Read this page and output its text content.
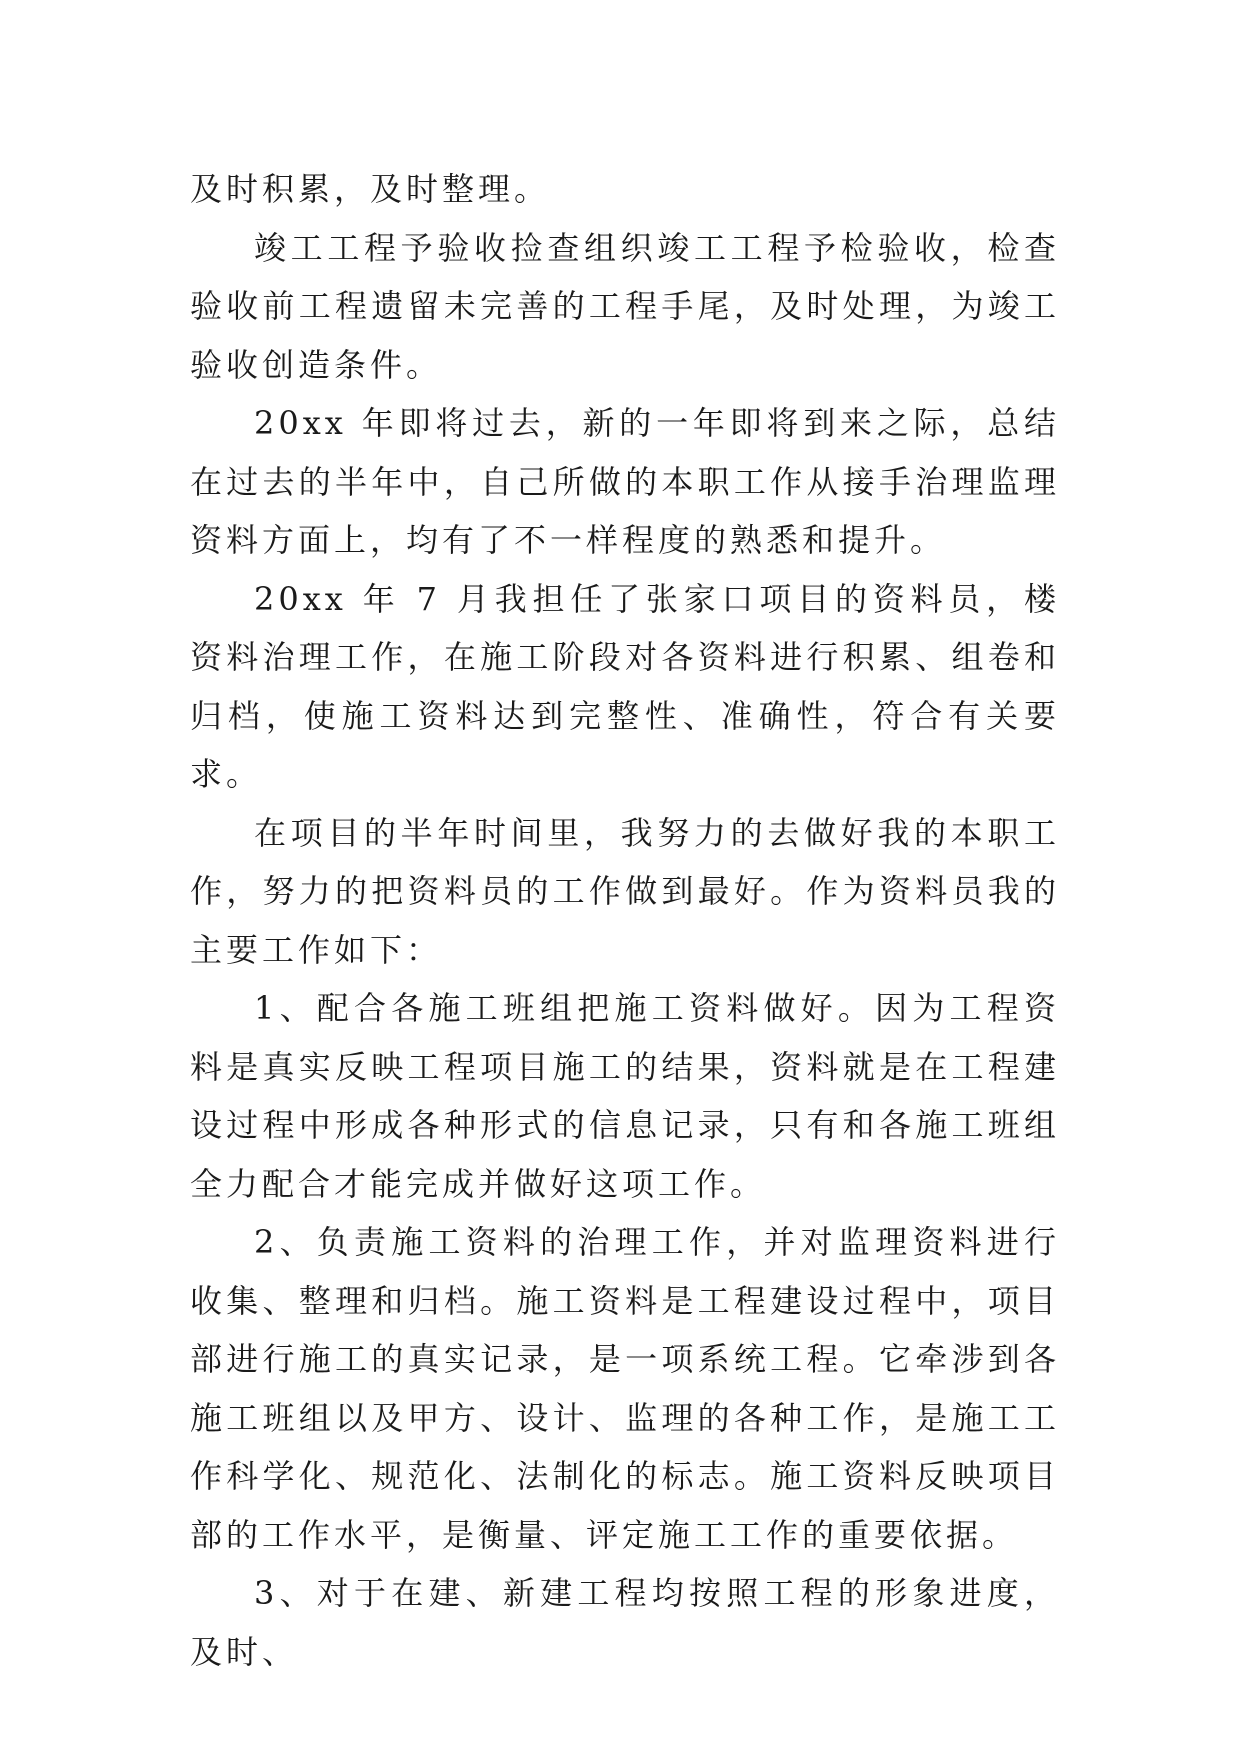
及时积累，及时整理。

竣工工程予验收捡查组织竣工工程予检验收，检查验收前工程遗留未完善的工程手尾，及时处理，为竣工验收创造条件。

20xx 年即将过去，新的一年即将到来之际，总结在过去的半年中，自己所做的本职工作从接手治理监理资料方面上，均有了不一样程度的熟悉和提升。

20xx 年 7 月我担任了张家口项目的资料员，楼资料治理工作，在施工阶段对各资料进行积累、组卷和归档，使施工资料达到完整性、准确性，符合有关要求。

在项目的半年时间里，我努力的去做好我的本职工作，努力的把资料员的工作做到最好。作为资料员我的主要工作如下：

1、配合各施工班组把施工资料做好。因为工程资料是真实反映工程项目施工的结果，资料就是在工程建设过程中形成各种形式的信息记录，只有和各施工班组全力配合才能完成并做好这项工作。

2、负责施工资料的治理工作，并对监理资料进行收集、整理和归档。施工资料是工程建设过程中，项目部进行施工的真实记录，是一项系统工程。它牵涉到各施工班组以及甲方、设计、监理的各种工作，是施工工作科学化、规范化、法制化的标志。施工资料反映项目部的工作水平，是衡量、评定施工工作的重要依据。

3、对于在建、新建工程均按照工程的形象进度，及时、
